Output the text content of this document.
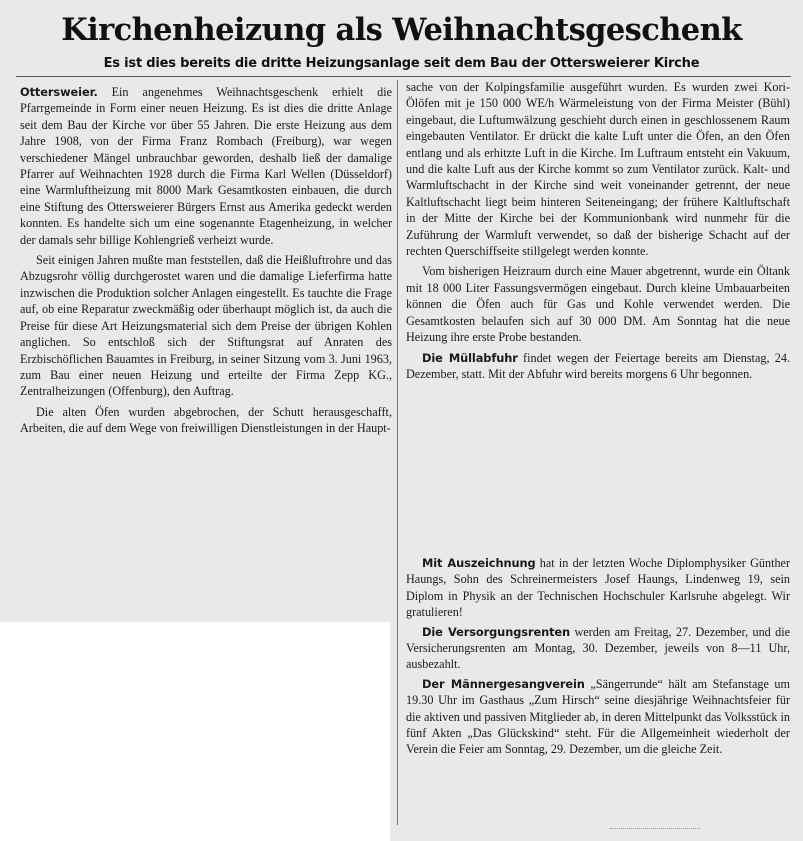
Kirchenheizung als Weihnachtsgeschenk
Es ist dies bereits die dritte Heizungsanlage seit dem Bau der Ottersweierer Kirche

Ottersweier. Ein angenehmes Weihnachtsgeschenk erhielt die Pfarrgemeinde in Form einer neuen Heizung. Es ist dies die dritte Anlage seit dem Bau der Kirche vor über 55 Jahren. Die erste Heizung aus dem Jahre 1908, von der Firma Franz Rombach (Freiburg), war wegen verschiedener Mängel unbrauchbar geworden, deshalb ließ der damalige Pfarrer auf Weihnachten 1928 durch die Firma Karl Wellen (Düsseldorf) eine Warmluftheizung mit 8000 Mark Gesamtkosten einbauen, die durch eine Stiftung des Ottersweierer Bürgers Ernst aus Amerika gedeckt werden konnten. Es handelte sich um eine sogenannte Etagenheizung, in welcher der damals sehr billige Kohlengrieß verheizt wurde.

Seit einigen Jahren mußte man feststellen, daß die Heißluftrohre und das Abzugsrohr völlig durchgerostet waren und die damalige Lieferfirma hatte inzwischen die Produktion solcher Anlagen eingestellt. Es tauchte die Frage auf, ob eine Reparatur zweckmäßig oder überhaupt möglich ist, da auch die Preise für diese Art Heizungsmaterial sich dem Preise der übrigen Kohlen anglichen. So entschloß sich der Stiftungsrat auf Anraten des Erzbischöflichen Bauamtes in Freiburg, in seiner Sitzung vom 3. Juni 1963, zum Bau einer neuen Heizung und erteilte der Firma Zepp KG., Zentralheizungen (Offenburg), den Auftrag.

Die alten Öfen wurden abgebrochen, der Schutt herausgeschafft, Arbeiten, die auf dem Wege von freiwilligen Dienstleistungen in der Haupt-

sache von der Kolpingsfamilie ausgeführt wurden. Es wurden zwei Kori-Ölöfen mit je 150 000 WE/h Wärmeleistung von der Firma Meister (Bühl) eingebaut, die Luftumwälzung geschieht durch einen in geschlossenem Raum eingebauten Ventilator. Er drückt die kalte Luft unter die Öfen, an den Öfen entlang und als erhitzte Luft in die Kirche. Im Luftraum entsteht ein Vakuum, und die kalte Luft aus der Kirche kommt so zum Ventilator zurück. Kalt- und Warmluftschacht in der Kirche sind weit voneinander getrennt, der neue Kaltluftschacht liegt beim hinteren Seiteneingang; der frühere Kaltluftschaft in der Mitte der Kirche bei der Kommunionbank wird nunmehr für die Zuführung der Warmluft verwendet, so daß der bisherige Schacht auf der rechten Querschiffseite stillgelegt werden konnte.

Vom bisherigen Heizraum durch eine Mauer abgetrennt, wurde ein Öltank mit 18 000 Liter Fassungsvermögen eingebaut. Durch kleine Umbauarbeiten können die Öfen auch für Gas und Kohle verwendet werden. Die Gesamtkosten belaufen sich auf 30 000 DM. Am Sonntag hat die neue Heizung ihre erste Probe bestanden.

Die Müllabfuhr findet wegen der Feiertage bereits am Dienstag, 24. Dezember, statt. Mit der Abfuhr wird bereits morgens 6 Uhr begonnen.

Mit Auszeichnung hat in der letzten Woche Diplomphysiker Günther Haungs, Sohn des Schreinermeisters Josef Haungs, Lindenweg 19, sein Diplom in Physik an der Technischen Hochschuler Karlsruhe abgelegt. Wir gratulieren!

Die Versorgungsrenten werden am Freitag, 27. Dezember, und die Versicherungsrenten am Montag, 30. Dezember, jeweils von 8—11 Uhr, ausbezahlt.

Der Männergesangverein „Sängerrunde“ hält am Stefanstage um 19.30 Uhr im Gasthaus „Zum Hirsch“ seine diesjährige Weihnachtsfeier für die aktiven und passiven Mitglieder ab, in deren Mittelpunkt das Volksstück in fünf Akten „Das Glückskind“ steht. Für die Allgemeinheit wiederholt der Verein die Feier am Sonntag, 29. Dezember, um die gleiche Zeit.
